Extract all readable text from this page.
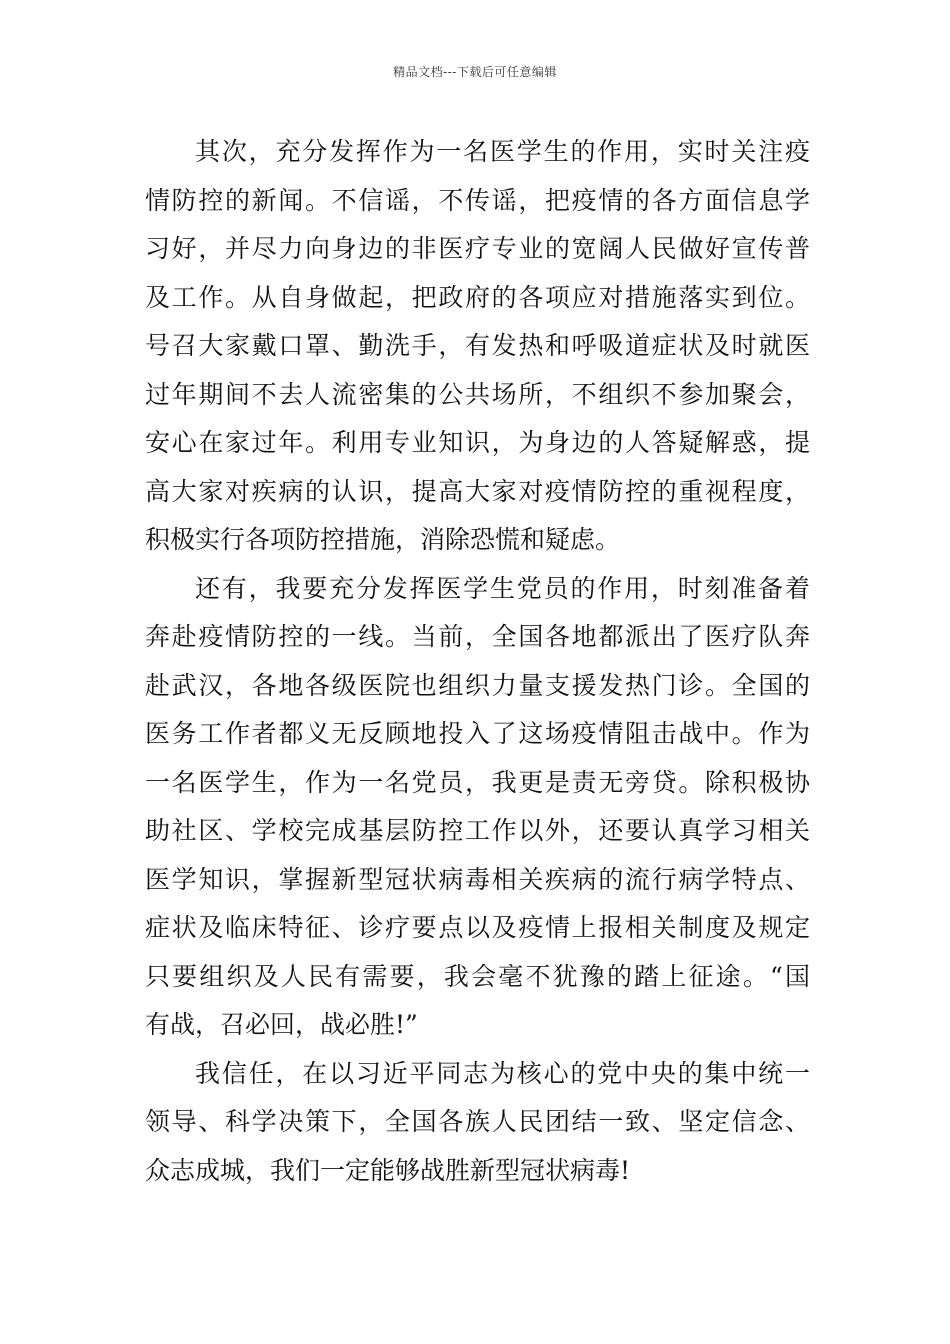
精品文档---下载后可任意编辑
其次，充分发挥作为一名医学生的作用，实时关注疫
情防控的新闻。不信谣，不传谣，把疫情的各方面信息学
习好，并尽力向身边的非医疗专业的宽阔人民做好宣传普
及工作。从自身做起，把政府的各项应对措施落实到位。
号召大家戴口罩、勤洗手，有发热和呼吸道症状及时就医
过年期间不去人流密集的公共场所，不组织不参加聚会，
安心在家过年。利用专业知识，为身边的人答疑解惑，提
高大家对疾病的认识，提高大家对疫情防控的重视程度，
积极实行各项防控措施，消除恐慌和疑虑。
还有，我要充分发挥医学生党员的作用，时刻准备着
奔赴疫情防控的一线。当前，全国各地都派出了医疗队奔
赴武汉，各地各级医院也组织力量支援发热门诊。全国的
医务工作者都义无反顾地投入了这场疫情阻击战中。作为
一名医学生，作为一名党员，我更是责无旁贷。除积极协
助社区、学校完成基层防控工作以外，还要认真学习相关
医学知识，掌握新型冠状病毒相关疾病的流行病学特点、
症状及临床特征、诊疗要点以及疫情上报相关制度及规定
只要组织及人民有需要，我会毫不犹豫的踏上征途。“国
有战，召必回，战必胜!”
我信任，在以习近平同志为核心的党中央的集中统一
领导、科学决策下，全国各族人民团结一致、坚定信念、
众志成城，我们一定能够战胜新型冠状病毒!
